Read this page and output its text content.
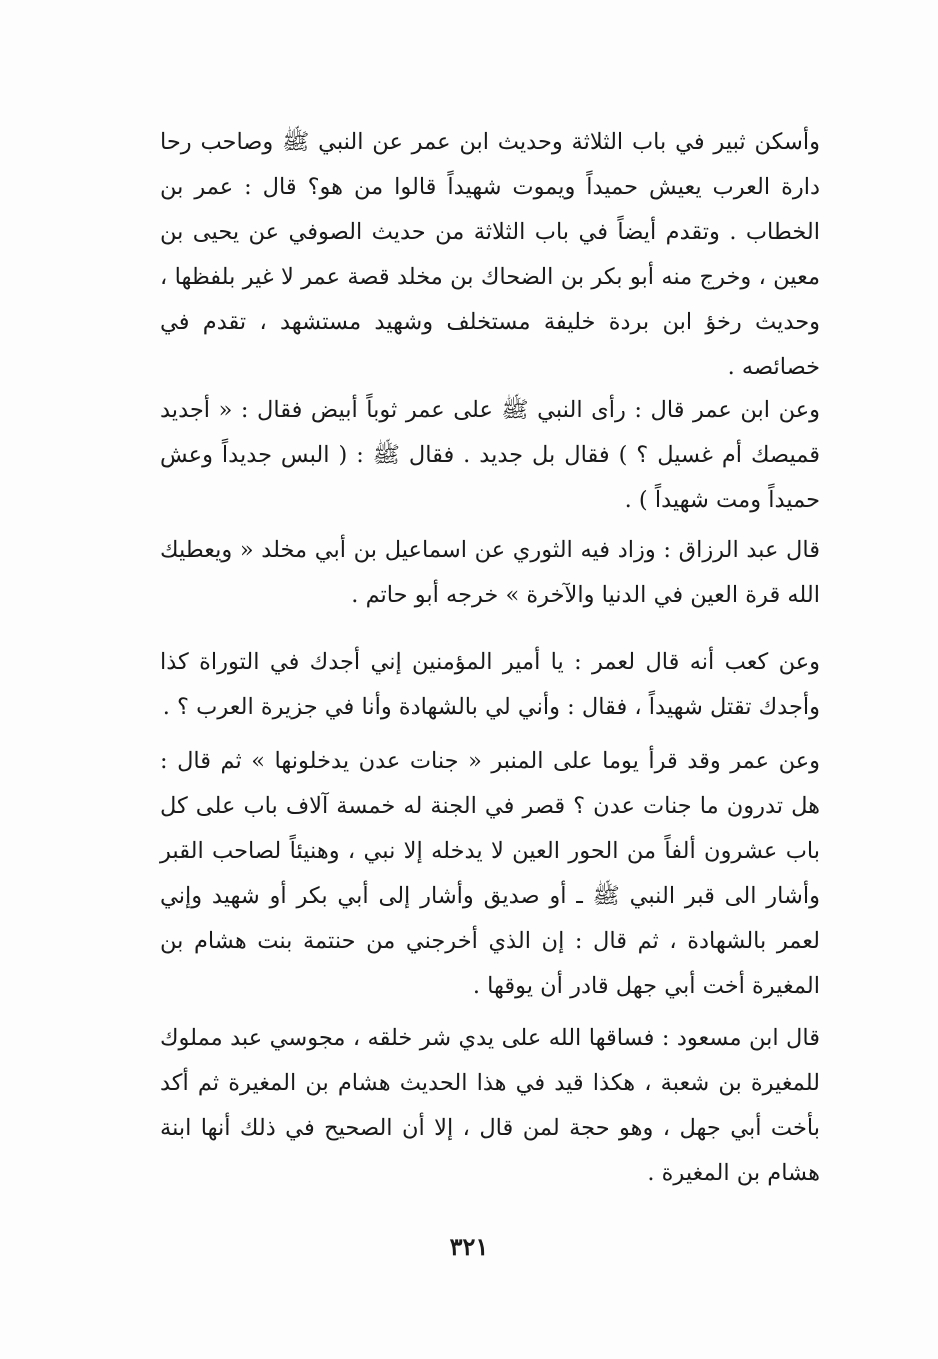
وأسكن ثبير في باب الثلاثة وحديث ابن عمر عن النبي ﷺ وصاحب رحا دارة العرب يعيش حميداً ويموت شهيداً قالوا من هو؟ قال : عمر بن الخطاب . وتقدم أيضاً في باب الثلاثة من حديث الصوفي عن يحيى بن معين ، وخرج منه أبو بكر بن الضحاك بن مخلد قصة عمر لا غير بلفظها ، وحديث رخؤ ابن بردة خليفة مستخلف وشهيد مستشهد ، تقدم في خصائصه .

وعن ابن عمر قال : رأى النبي ﷺ على عمر ثوباً أبيض فقال : « أجديد قميصك أم غسيل ؟ ) فقال بل جديد . فقال ﷺ : ( البس جديداً وعش حميداً ومت شهيداً ) .

قال عبد الرزاق : وزاد فيه الثوري عن اسماعيل بن أبي مخلد « ويعطيك الله قرة العين في الدنيا والآخرة » خرجه أبو حاتم .

وعن كعب أنه قال لعمر : يا أمير المؤمنين إني أجدك في التوراة كذا وأجدك تقتل شهيداً ، فقال : وأني لي بالشهادة وأنا في جزيرة العرب ؟ .

وعن عمر وقد قرأ يوما على المنبر « جنات عدن يدخلونها » ثم قال : هل تدرون ما جنات عدن ؟ قصر في الجنة له خمسة آلاف باب على كل باب عشرون ألفاً من الحور العين لا يدخله إلا نبي ، وهنيئاً لصاحب القبر وأشار الى قبر النبي ﷺ ـ أو صديق وأشار إلى أبي بكر أو شهيد وإني لعمر بالشهادة ، ثم قال : إن الذي أخرجني من حنتمة بنت هشام بن المغيرة أخت أبي جهل قادر أن يوقها .

قال ابن مسعود : فساقها الله على يدي شر خلقه ، مجوسي عبد مملوك للمغيرة بن شعبة ، هكذا قيد في هذا الحديث هشام بن المغيرة ثم أكد بأخت أبي جهل ، وهو حجة لمن قال ، إلا أن الصحيح في ذلك أنها ابنة هشام بن المغيرة .

٣٢١
